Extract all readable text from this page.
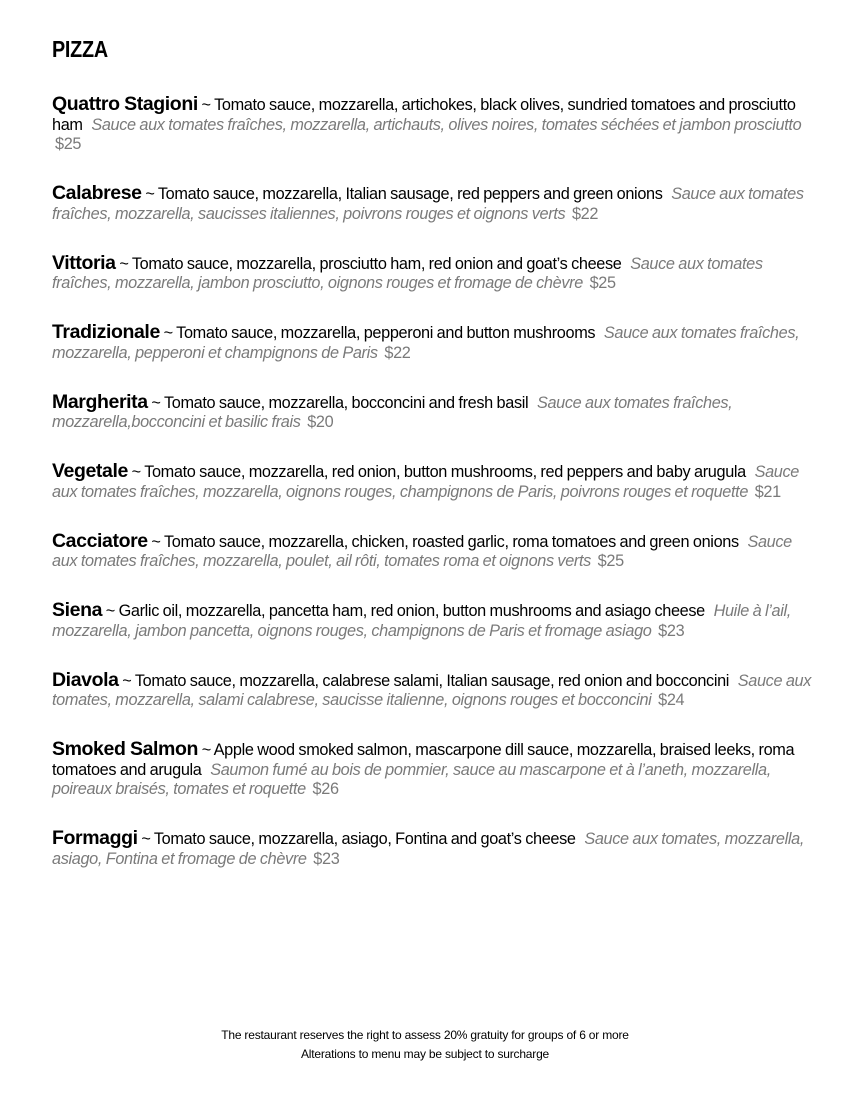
PIZZA
Quattro Stagioni ~ Tomato sauce, mozzarella, artichokes, black olives, sundried tomatoes and prosciutto ham Sauce aux tomates fraîches, mozzarella, artichauts, olives noires, tomates séchées et jambon prosciutto $25
Calabrese ~ Tomato sauce, mozzarella, Italian sausage, red peppers and green onions Sauce aux tomates fraîches, mozzarella, saucisses italiennes, poivrons rouges et oignons verts $22
Vittoria ~ Tomato sauce, mozzarella, prosciutto ham, red onion and goat’s cheese Sauce aux tomates fraîches, mozzarella, jambon prosciutto, oignons rouges et fromage de chèvre $25
Tradizionale ~ Tomato sauce, mozzarella, pepperoni and button mushrooms Sauce aux tomates fraîches, mozzarella, pepperoni et champignons de Paris $22
Margherita ~ Tomato sauce, mozzarella, bocconcini and fresh basil Sauce aux tomates fraîches, mozzarella,bocconcini et basilic frais $20
Vegetale ~ Tomato sauce, mozzarella, red onion, button mushrooms, red peppers and baby arugula Sauce aux tomates fraîches, mozzarella, oignons rouges, champignons de Paris, poivrons rouges et roquette $21
Cacciatore ~ Tomato sauce, mozzarella, chicken, roasted garlic, roma tomatoes and green onions Sauce aux tomates fraîches, mozzarella, poulet, ail rôti, tomates roma et oignons verts $25
Siena ~ Garlic oil, mozzarella, pancetta ham, red onion, button mushrooms and asiago cheese Huile à l’ail, mozzarella, jambon pancetta, oignons rouges, champignons de Paris et fromage asiago $23
Diavola ~ Tomato sauce, mozzarella, calabrese salami, Italian sausage, red onion and bocconcini Sauce aux tomates, mozzarella, salami calabrese, saucisse italienne, oignons rouges et bocconcini $24
Smoked Salmon ~ Apple wood smoked salmon, mascarpone dill sauce, mozzarella, braised leeks, roma tomatoes and arugula Saumon fumé au bois de pommier, sauce au mascarpone et à l’aneth, mozzarella, poireaux braisés, tomates et roquette $26
Formaggi ~ Tomato sauce, mozzarella, asiago, Fontina and goat’s cheese Sauce aux tomates, mozzarella, asiago, Fontina et fromage de chèvre $23
The restaurant reserves the right to assess 20% gratuity for groups of 6 or more
Alterations to menu may be subject to surcharge
